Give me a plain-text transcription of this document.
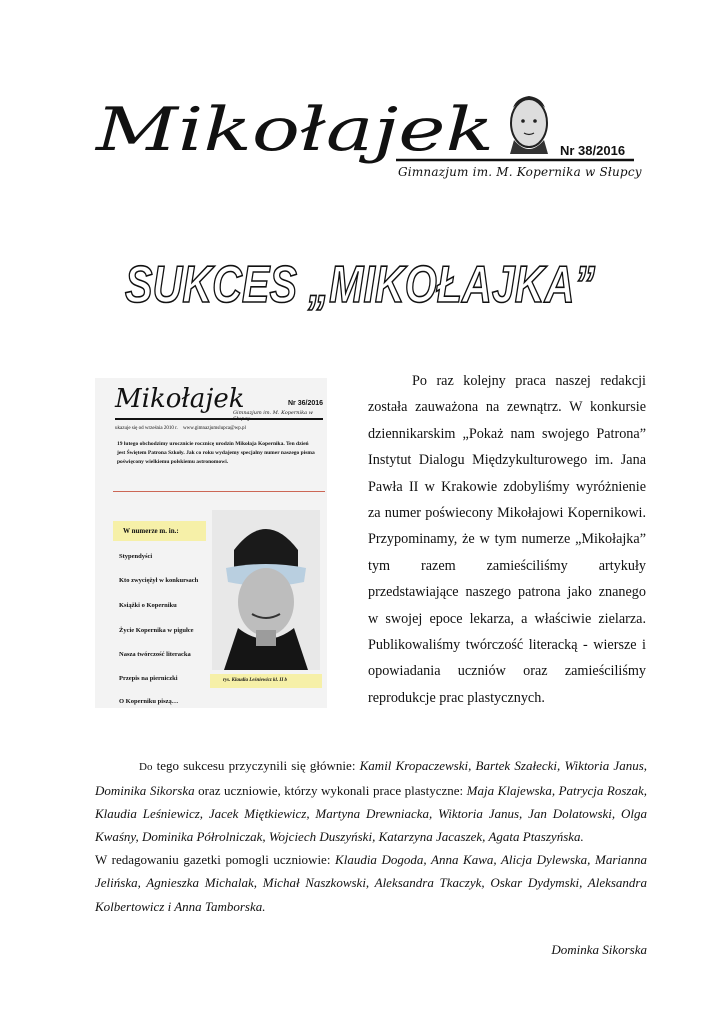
Mikołajek	Nr 38/2016
Gimnazjum im. M. Kopernika w Słupcy
SUKCES „MIKOŁAJKA”
Mikołajek	Nr 36/2016
Gimnazjum im. M. Kopernika w
ukazuje się od września 2010 r. www.gimnazjumslupca@wp.pl
19 lutego obchodzimy urocznicie rocznicę urodzin Mikołaja Kopernika. Ten dzień jest Świętem Patrona Szkoły. Jak co roku wydajemy specjalny numer naszego pisma poświęcony wielkiemu polskiemu astronomowi.
W numerze m. in.:
Stypendyści
Kto zwyciężył w konkursach
Książki o Koperniku
Życie Kopernika w pigułce
Nasza twórczość literacka
Przepis na pierniczki
O Koperniku piszą…
rys. Klaudia Leśniewicz kl. II b

Po raz kolejny praca naszej redakcji została zauważona na zewnątrz. W konkursie dziennikarskim „Pokaż nam swojego Patrona” Instytut Dialogu Międzykulturowego im. Jana Pawła II w Krakowie zdobyliśmy wyróżnienie za numer poświecony Mikołajowi Kopernikowi. Przypominamy, że w tym numerze „Mikołajka” tym razem zamieściliśmy artykuły przedstawiające naszego patrona jako znanego w swojej epoce lekarza, a właściwie zielarza. Publikowaliśmy twórczość literacką - wiersze i opowiadania uczniów oraz zamieściliśmy reprodukcje prac plastycznych.

Do tego sukcesu przyczynili się głównie: Kamil Kropaczewski, Bartek Szałecki, Wiktoria Janus, Dominika Sikorska oraz uczniowie, którzy wykonali prace plastyczne: Maja Klajewska, Patrycja Roszak, Klaudia Leśniewicz, Jacek Miętkiewicz, Martyna Drewniacka, Wiktoria Janus, Jan Dolatowski, Olga Kwaśny, Dominika Półrolniczak, Wojciech Duszyński, Katarzyna Jacaszek, Agata Ptaszyńska.

W redagowaniu gazetki pomogli uczniowie: Klaudia Dogoda, Anna Kawa, Alicja Dylewska, Marianna Jelińska, Agnieszka Michalak, Michał Naszkowski, Aleksandra Tkaczyk, Oskar Dydymski, Aleksandra Kolbertowicz i Anna Tamborska.

Dominka Sikorska
